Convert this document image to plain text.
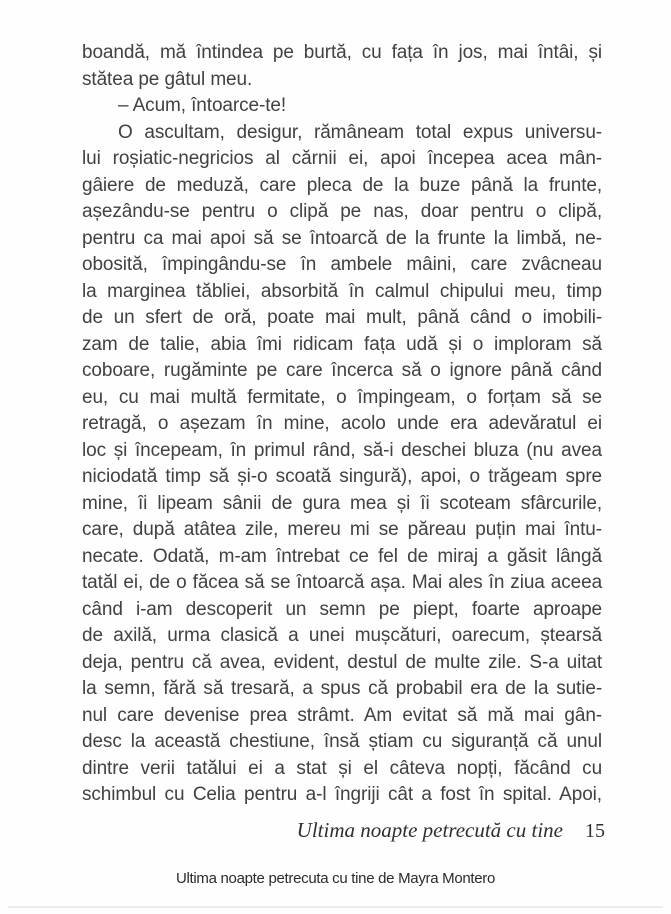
boandă, mă întindea pe burtă, cu fața în jos, mai întâi, și
stătea pe gâtul meu.
– Acum, întoarce-te!
O ascultam, desigur, rămâneam total expus universu-
lui roșiatic-negricios al cărnii ei, apoi începea acea mân-
gâiere de meduză, care pleca de la buze până la frunte,
așezându-se pentru o clipă pe nas, doar pentru o clipă,
pentru ca mai apoi să se întoarcă de la frunte la limbă, ne-
obosită, împingându-se în ambele mâini, care zvâcneau
la marginea tăbliei, absorbită în calmul chipului meu, timp
de un sfert de oră, poate mai mult, până când o imobili-
zam de talie, abia îmi ridicam fața udă și o imploram să
coboare, rugăminte pe care încerca să o ignore până când
eu, cu mai multă fermitate, o împingeam, o forțam să se
retragă, o așezam în mine, acolo unde era adevăratul ei
loc și începeam, în primul rând, să-i deschei bluza (nu avea
niciodată timp să și-o scoată singură), apoi, o trăgeam spre
mine, îi lipeam sânii de gura mea și îi scoteam sfârcurile,
care, după atâtea zile, mereu mi se păreau puțin mai întu-
necate. Odată, m-am întrebat ce fel de miraj a găsit lângă
tatăl ei, de o făcea să se întoarcă așa. Mai ales în ziua aceea
când i-am descoperit un semn pe piept, foarte aproape
de axilă, urma clasică a unei mușcături, oarecum, ștearsă
deja, pentru că avea, evident, destul de multe zile. S-a uitat
la semn, fără să tresară, a spus că probabil era de la sutie-
nul care devenise prea strâmt. Am evitat să mă mai gân-
desc la această chestiune, însă știam cu siguranță că unul
dintre verii tatălui ei a stat și el câteva nopți, făcând cu
schimbul cu Celia pentru a-l îngriji cât a fost în spital. Apoi,
Ultima noapte petrecută cu tine 15
Ultima noapte petrecuta cu tine de Mayra Montero
